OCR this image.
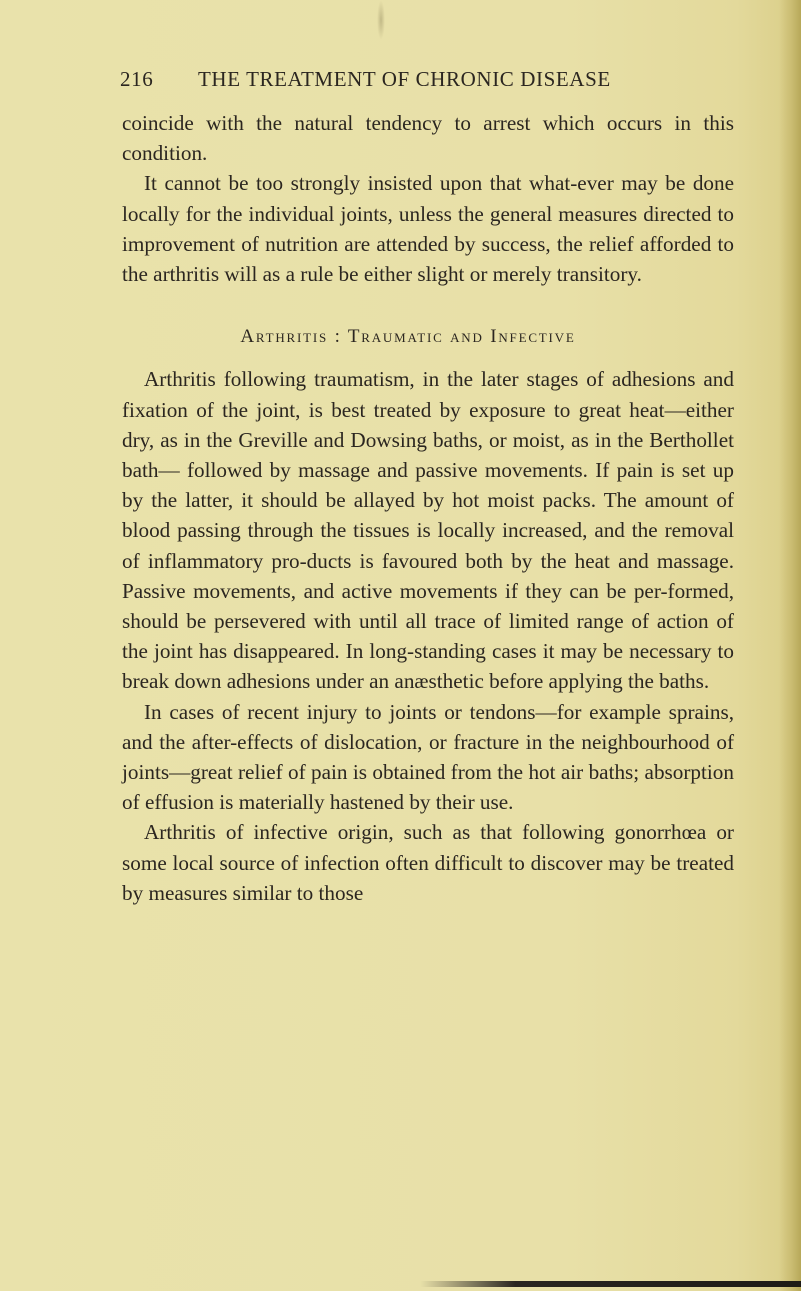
216	THE TREATMENT OF CHRONIC DISEASE

coincide with the natural tendency to arrest which occurs in this condition.

It cannot be too strongly insisted upon that what-ever may be done locally for the individual joints, unless the general measures directed to improvement of nutrition are attended by success, the relief afforded to the arthritis will as a rule be either slight or merely transitory.

Arthritis : Traumatic and Infective

Arthritis following traumatism, in the later stages of adhesions and fixation of the joint, is best treated by exposure to great heat—either dry, as in the Greville and Dowsing baths, or moist, as in the Berthollet bath— followed by massage and passive movements. If pain is set up by the latter, it should be allayed by hot moist packs. The amount of blood passing through the tissues is locally increased, and the removal of inflammatory pro-ducts is favoured both by the heat and massage. Passive movements, and active movements if they can be per-formed, should be persevered with until all trace of limited range of action of the joint has disappeared. In long-standing cases it may be necessary to break down adhesions under an anæsthetic before applying the baths.

In cases of recent injury to joints or tendons—for example sprains, and the after-effects of dislocation, or fracture in the neighbourhood of joints—great relief of pain is obtained from the hot air baths; absorption of effusion is materially hastened by their use.

Arthritis of infective origin, such as that following gonorrhœa or some local source of infection often difficult to discover may be treated by measures similar to those
